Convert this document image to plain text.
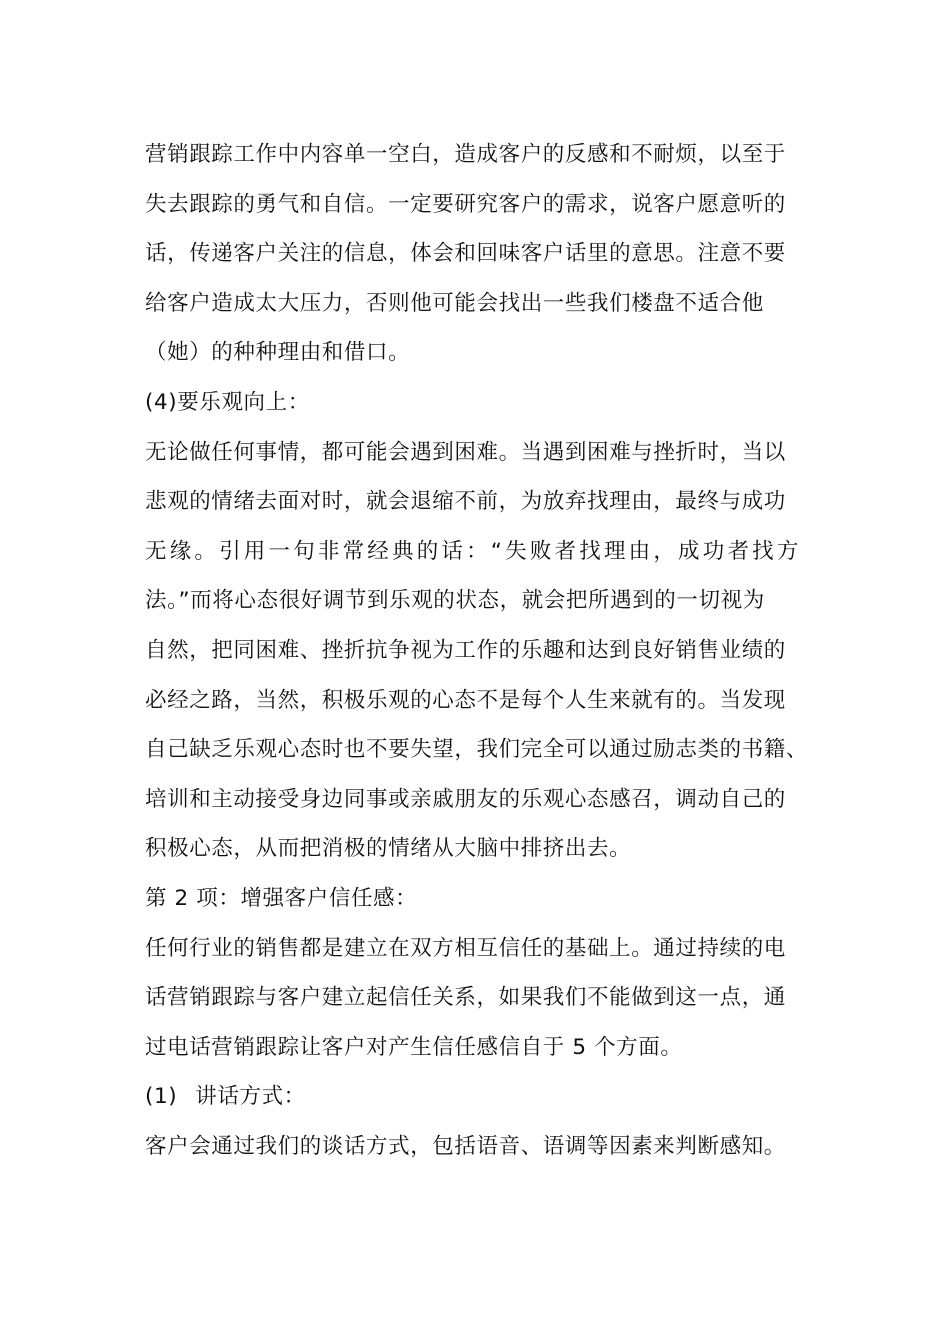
营销跟踪工作中内容单一空白，造成客户的反感和不耐烦，以至于
失去跟踪的勇气和自信。一定要研究客户的需求，说客户愿意听的
话，传递客户关注的信息，体会和回味客户话里的意思。注意不要
给客户造成太大压力，否则他可能会找出一些我们楼盘不适合他
（她）的种种理由和借口。
(4)要乐观向上：
无论做任何事情，都可能会遇到困难。当遇到困难与挫折时，当以
悲观的情绪去面对时，就会退缩不前，为放弃找理由，最终与成功
无缘。引用一句非常经典的话：“失败者找理由，成功者找方
法。”而将心态很好调节到乐观的状态，就会把所遇到的一切视为
自然，把同困难、挫折抗争视为工作的乐趣和达到良好销售业绩的
必经之路，当然，积极乐观的心态不是每个人生来就有的。当发现
自己缺乏乐观心态时也不要失望，我们完全可以通过励志类的书籍、
培训和主动接受身边同事或亲戚朋友的乐观心态感召，调动自己的
积极心态，从而把消极的情绪从大脑中排挤出去。
第 2 项：增强客户信任感：
任何行业的销售都是建立在双方相互信任的基础上。通过持续的电
话营销跟踪与客户建立起信任关系，如果我们不能做到这一点，通
过电话营销跟踪让客户对产生信任感信自于 5 个方面。
(1) 讲话方式：
客户会通过我们的谈话方式，包括语音、语调等因素来判断感知。
